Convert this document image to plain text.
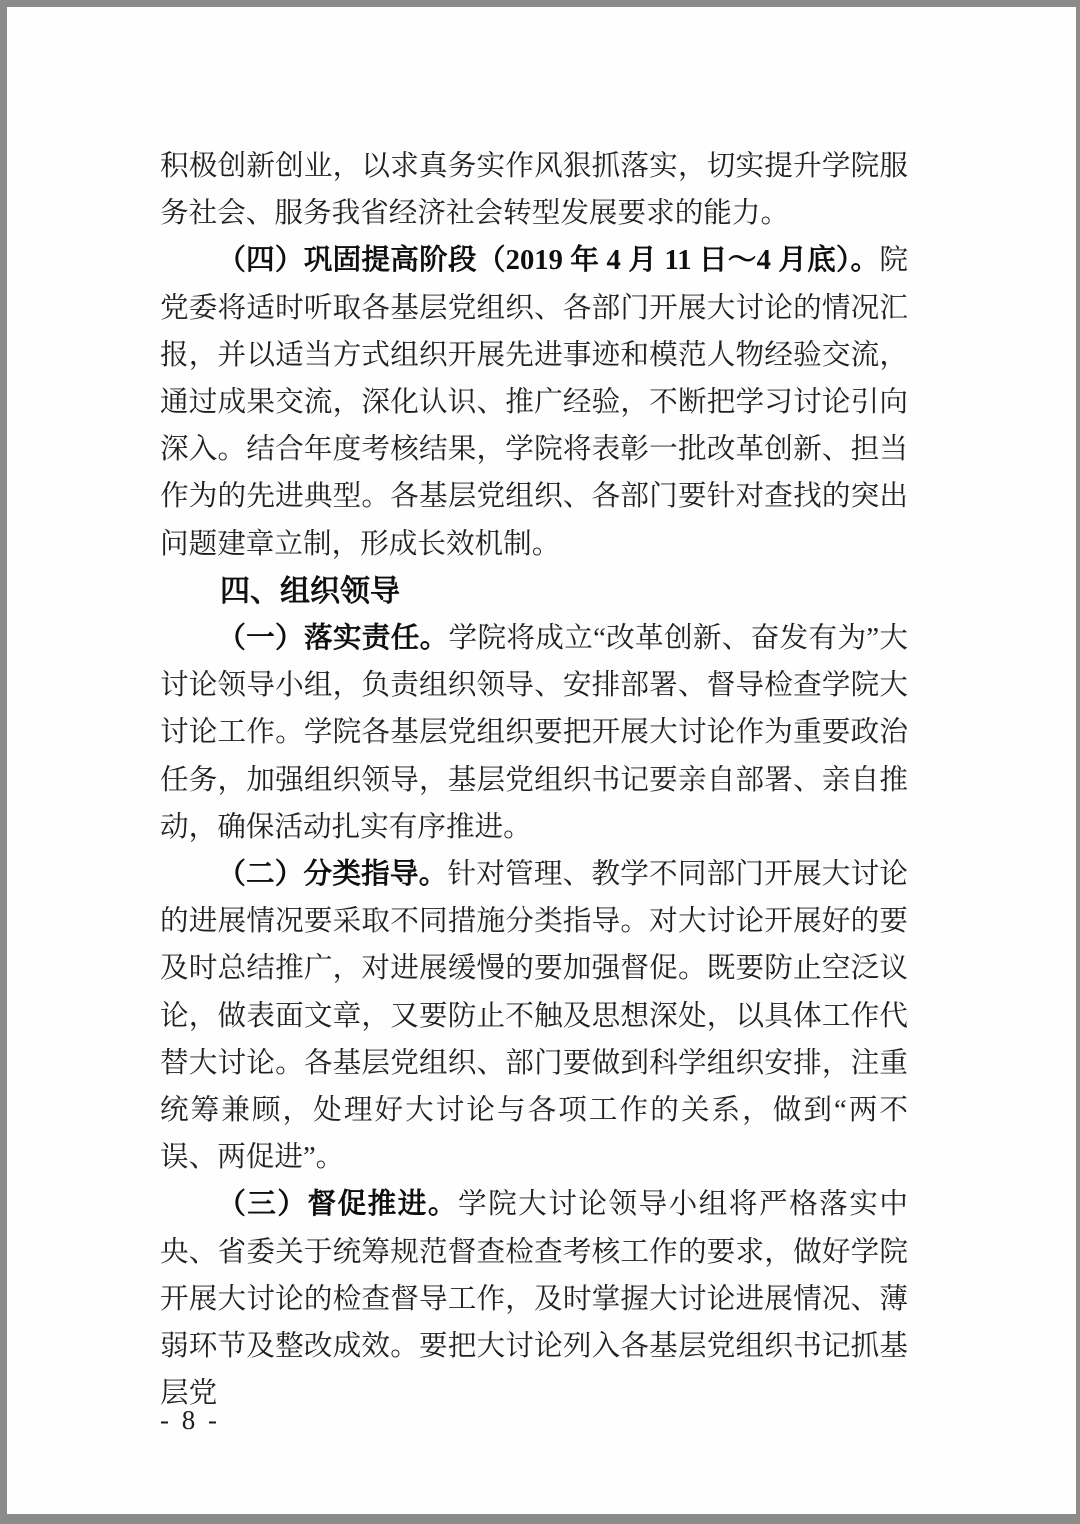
积极创新创业，以求真务实作风狠抓落实，切实提升学院服务社会、服务我省经济社会转型发展要求的能力。

（四）巩固提高阶段（2019 年 4 月 11 日～4 月底）。院党委将适时听取各基层党组织、各部门开展大讨论的情况汇报，并以适当方式组织开展先进事迹和模范人物经验交流，通过成果交流，深化认识、推广经验，不断把学习讨论引向深入。结合年度考核结果，学院将表彰一批改革创新、担当作为的先进典型。各基层党组织、各部门要针对查找的突出问题建章立制，形成长效机制。

四、组织领导

（一）落实责任。学院将成立“改革创新、奋发有为”大讨论领导小组，负责组织领导、安排部署、督导检查学院大讨论工作。学院各基层党组织要把开展大讨论作为重要政治任务，加强组织领导，基层党组织书记要亲自部署、亲自推动，确保活动扎实有序推进。

（二）分类指导。针对管理、教学不同部门开展大讨论的进展情况要采取不同措施分类指导。对大讨论开展好的要及时总结推广，对进展缓慢的要加强督促。既要防止空泛议论，做表面文章，又要防止不触及思想深处，以具体工作代替大讨论。各基层党组织、部门要做到科学组织安排，注重统筹兼顾，处理好大讨论与各项工作的关系，做到“两不误、两促进”。

（三）督促推进。学院大讨论领导小组将严格落实中央、省委关于统筹规范督查检查考核工作的要求，做好学院开展大讨论的检查督导工作，及时掌握大讨论进展情况、薄弱环节及整改成效。要把大讨论列入各基层党组织书记抓基层党

- 8 -
